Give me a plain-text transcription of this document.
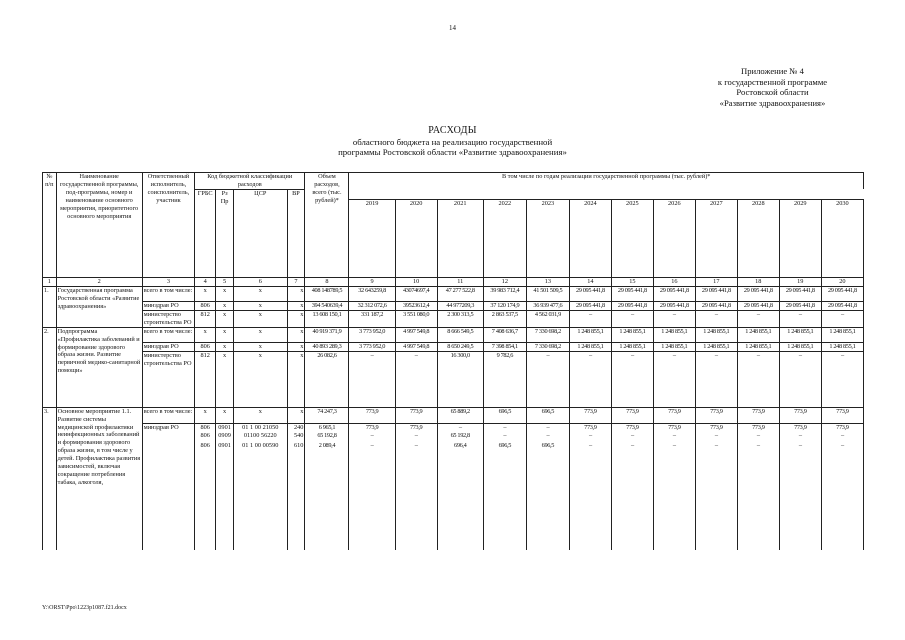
14
Приложение № 4
к государственной программе
Ростовской области
«Развитие здравоохранения»
РАСХОДЫ
областного бюджета на реализацию государственной
программы Ростовской области «Развитие здравоохранения»
№ п/п	Наименование государственной программы, под-программы, номер и наименование основного мероприятия, приоритетного основного мероприятия	Ответственный исполнитель, соисполнитель, участник	Код бюджетной классификации расходов				Объем расходов, всего (тыс. рублей)*	В том числе по годам реализации государственной программы (тыс. рублей)*											
			ГРБС	Рз Пр	ЦСР	ВР													
								2019	2020	2021	2022	2023	2024	2025	2026	2027	2028	2029	2030
1	2	3	4	5	6	7	8	9	10	11	12	13	14	15	16	17	18	19	20
1.	Государственная программа Ростовской области «Развитие здравоохранения»	всего в том числе:	х	х	х	х	408 148789,5	32 643259,8	43074697,4	47 277 522,8	39 983 712,4	41 501 509,5	29 095 441,8	29 095 441,8	29 095 441,8	29 095 441,8	29 095 441,8	29 095 441,8	29 095 441,8
		минздрав РО	806	х	х	х	394 540639,4	32 312 072,6	39523612,4	44 977209,3	37 120 174,9	36 939 477,6	29 095 441,8	29 095 441,8	29 095 441,8	29 095 441,8	29 095 441,8	29 095 441,8	29 095 441,8
		министерство строительства РО	812	х	х	х	13 608 150,1	331 187,2	3 551 080,0	2 300 313,5	2 863 537,5	4 562 031,9	–	–	–	–	–	–	–
2.	Подпрограмма «Профилактика заболеваний и формирование здорового образа жизни. Развитие первичной медико-санитарной помощи»	всего в том числе:	х	х	х	х	40 919 371,9	3 773 952,0	4 997 549,8	8 666 549,5	7 408 636,7	7 330 698,2	1 248 855,1	1 248 855,1	1 248 855,1	1 248 855,1	1 248 855,1	1 248 855,1	1 248 855,1
		минздрав РО	806	х	х	х	40 893 289,3	3 773 952,0	4 997 549,8	8 650 249,5	7 398 854,1	7 330 698,2	1 248 855,1	1 248 855,1	1 248 855,1	1 248 855,1	1 248 855,1	1 248 855,1	1 248 855,1
		министерство строительства РО	812	х	х	х	26 082,6	–	–	16 300,0	9 782,6	–	–	–	–	–	–	–	–
3.	Основное мероприятие 1.1. Развитие системы медицинской профилактики неинфекционных заболеваний и формирования здорового образа жизни, в том числе у детей. Профилактика развития зависимостей, включая сокращение потребления табака, алкоголя,	всего в том числе:	х	х	х	х	74 247,3	773,9	773,9	65 889,2	696,5	696,5	773,9	773,9	773,9	773,9	773,9	773,9	773,9
		минздрав РО	806	0901	01 1 00 21050	240	6 965,1	773,9	773,9	–	–	–	773,9	773,9	773,9	773,9	773,9	773,9	773,9
			806	0909	01100 56220	540	65 192,8	–	–	65 192,8	–	–	–	–	–	–	–	–	–
			806	0901	01 1 00 00590	610	2 089,4	–	–	696,4	696,5	696,5	–	–	–	–	–	–	–
Y:\ORST\Ppo\1223p1087.f21.docx
